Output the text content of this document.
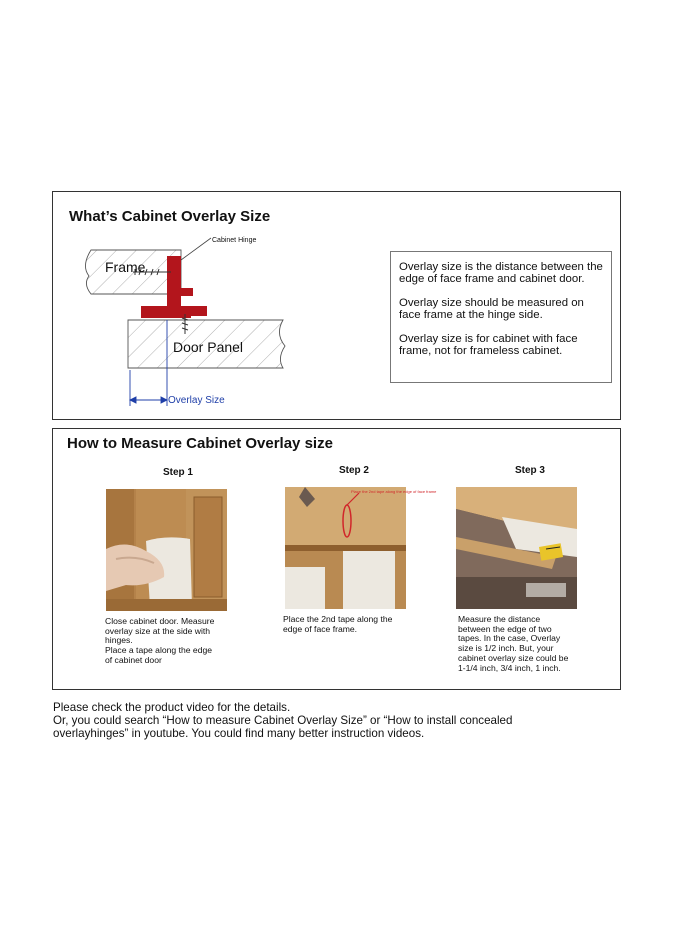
What’s Cabinet Overlay Size
Cabinet Hinge
Frame
Door Panel
Overlay Size

Overlay size is the distance between the edge of face frame and cabinet door.

Overlay size should be measured on face frame at the hinge side.

Overlay size is for cabinet with face frame, not for frameless cabinet.

How to Measure Cabinet Overlay size
Step 1
Close cabinet door. Measure
overlay size at the side with
hinges.
Place a tape along the edge
of cabinet door
Step 2
Place the 2nd tape along the edge of face frame
Place the 2nd tape along the
edge of face frame.
Step 3
Measure the distance
between the edge of two
tapes. In the case, Overlay
size is 1/2 inch. But, your
cabinet overlay size could be
1-1/4 inch, 3/4 inch, 1 inch.
Please check the product video for the details.
Or, you could search “How to measure Cabinet Overlay Size” or “How to install concealed
overlayhinges” in youtube. You could find many better instruction videos.
